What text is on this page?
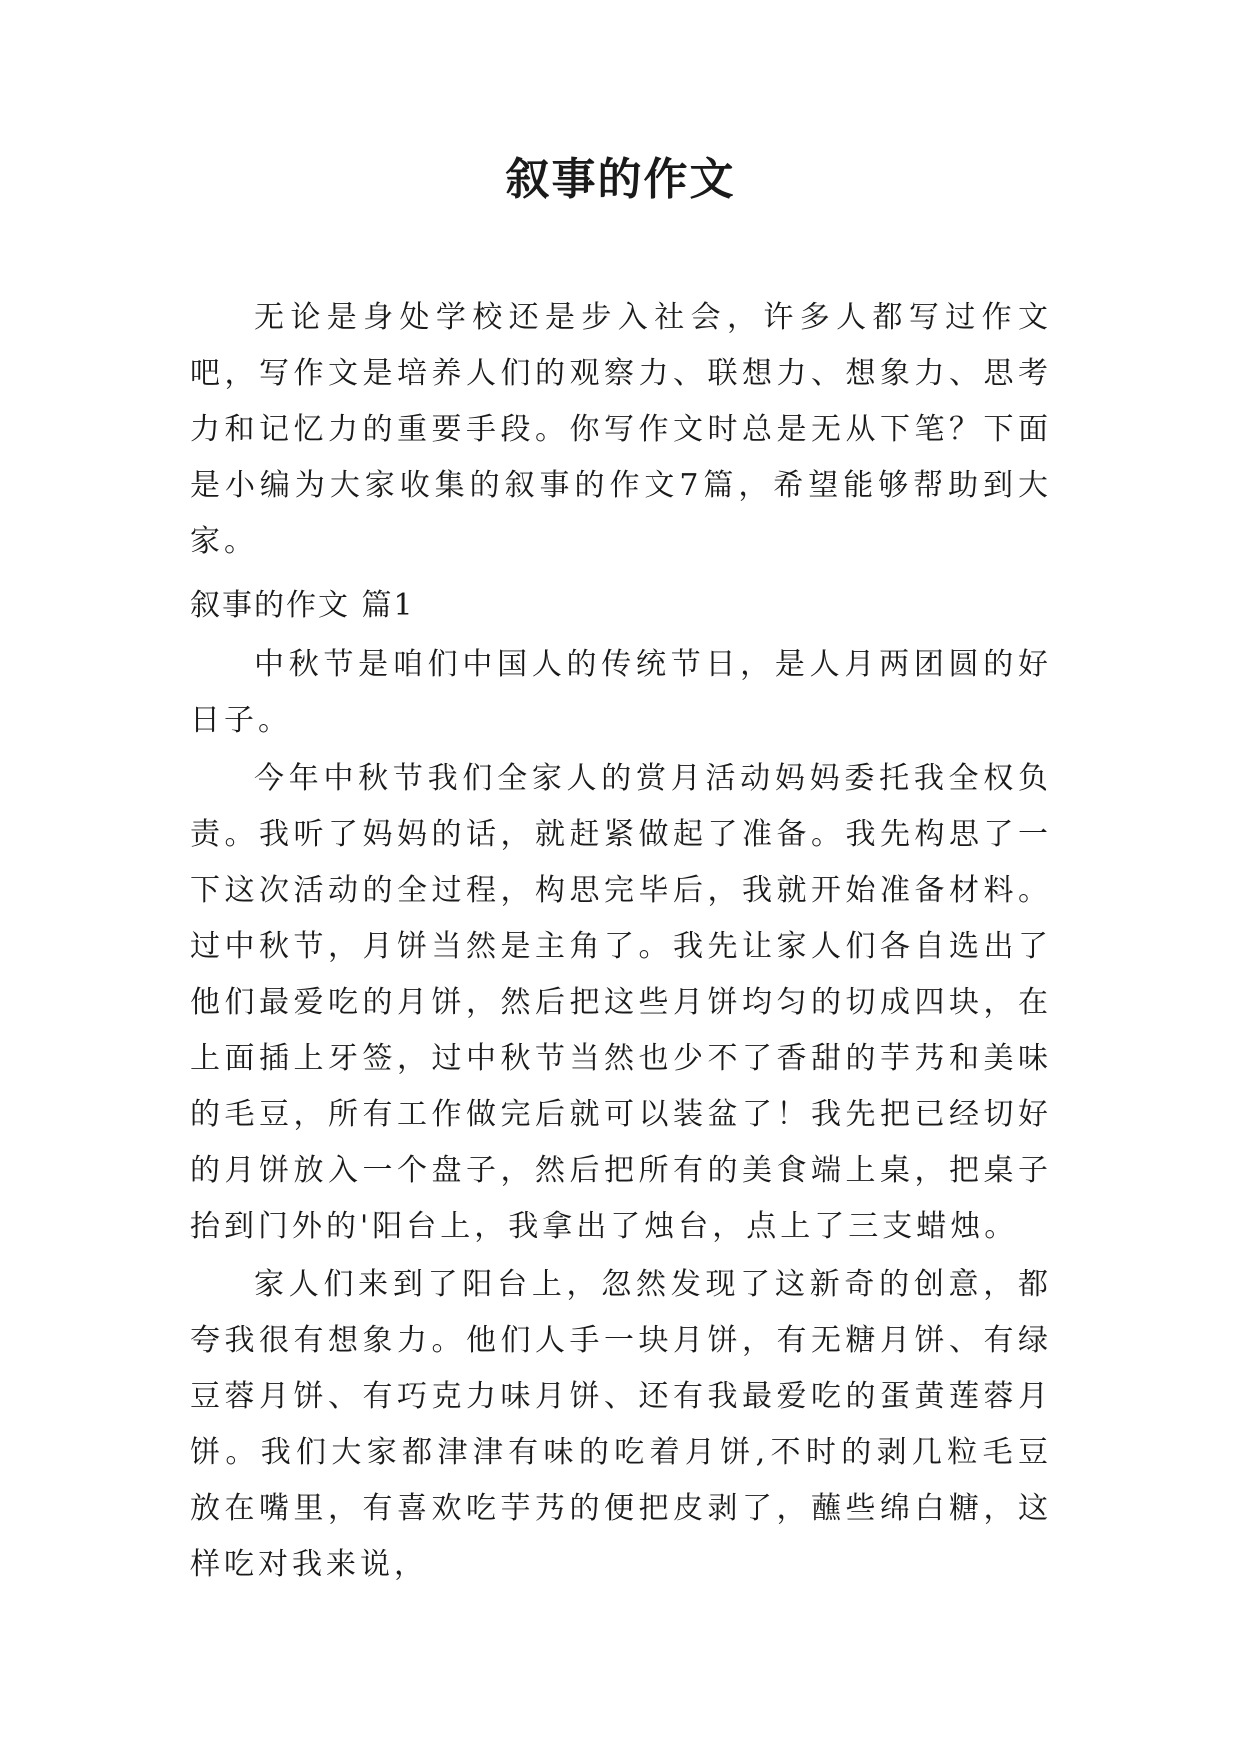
叙事的作文

无论是身处学校还是步入社会，许多人都写过作文吧，写作文是培养人们的观察力、联想力、想象力、思考力和记忆力的重要手段。你写作文时总是无从下笔？下面是小编为大家收集的叙事的作文7篇，希望能够帮助到大家。

叙事的作文 篇1

中秋节是咱们中国人的传统节日，是人月两团圆的好日子。

今年中秋节我们全家人的赏月活动妈妈委托我全权负责。我听了妈妈的话，就赶紧做起了准备。我先构思了一下这次活动的全过程，构思完毕后，我就开始准备材料。过中秋节，月饼当然是主角了。我先让家人们各自选出了他们最爱吃的月饼，然后把这些月饼均匀的切成四块，在上面插上牙签，过中秋节当然也少不了香甜的芋艿和美味的毛豆，所有工作做完后就可以装盆了！我先把已经切好的月饼放入一个盘子，然后把所有的美食端上桌，把桌子抬到门外的'阳台上，我拿出了烛台，点上了三支蜡烛。

家人们来到了阳台上，忽然发现了这新奇的创意，都夸我很有想象力。他们人手一块月饼，有无糖月饼、有绿豆蓉月饼、有巧克力味月饼、还有我最爱吃的蛋黄莲蓉月饼。我们大家都津津有味的吃着月饼,不时的剥几粒毛豆放在嘴里，有喜欢吃芋艿的便把皮剥了，蘸些绵白糖，这样吃对我来说，
